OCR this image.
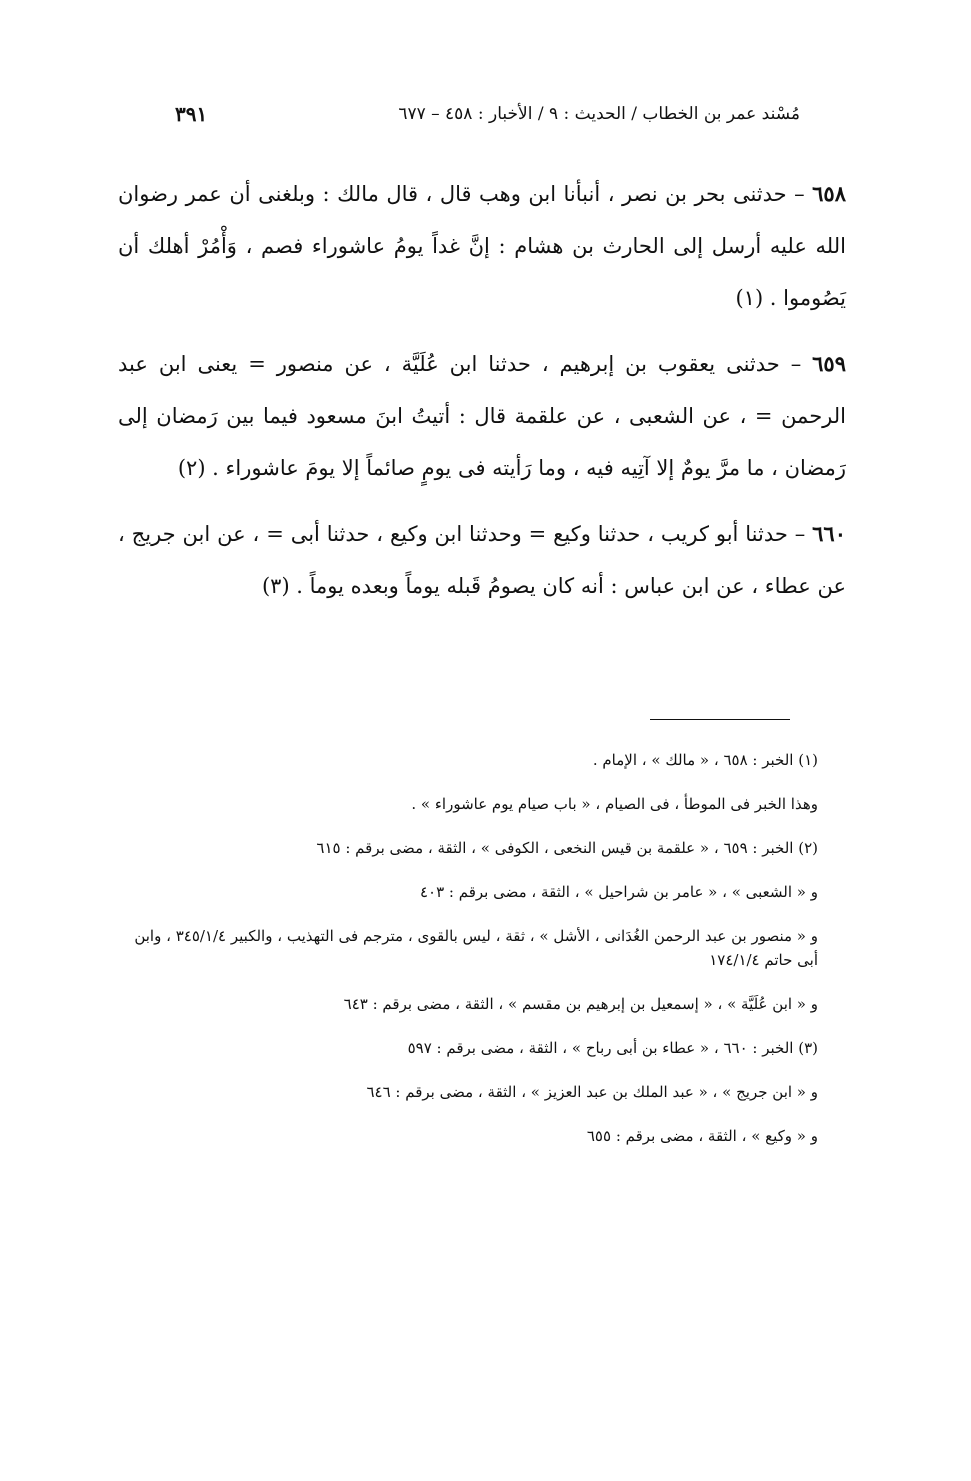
مُسْند عمر بن الخطاب / الحديث : ٩ / الأخبار : ٤٥٨ – ٦٧٧
٣٩١

٦٥٨ – حدثنى بحر بن نصر ، أنبأنا ابن وهب قال ، قال مالك : وبلغنى أن عمر رضوان الله عليه أرسل إلى الحارث بن هشام : إنَّ غداً يومُ عاشوراء فصم ، وَأْمُرْ أهلك أن يَصُوموا . (١)

٦٥٩ – حدثنى يعقوب بن إبرهيم ، حدثنا ابن عُلَيَّة ، عن منصور = يعنى ابن عبد الرحمن = ، عن الشعبى ، عن علقمة قال : أتيتُ ابنَ مسعود فيما بين رَمضان إلى رَمضان ، ما مرَّ يومٌ إلا آتِيه فيه ، وما رَأيته فى يومٍ صائماً إلا يومَ عاشوراء . (٢)

٦٦٠ – حدثنا أبو كريب ، حدثنا وكيع = وحدثنا ابن وكيع ، حدثنا أبى = ، عن ابن جريج ، عن عطاء ، عن ابن عباس : أنه كان يصومُ قَبله يوماً وبعده يوماً . (٣)

(١) الخبر : ٦٥٨ ، « مالك » ، الإمام .
وهذا الخبر فى الموطأ ، فى الصيام ، « باب صيام يوم عاشوراء » .
(٢) الخبر : ٦٥٩ ، « علقمة بن قيس النخعى ، الكوفى » ، الثقة ، مضى برقم : ٦١٥
و « الشعبى » ، « عامر بن شراحيل » ، الثقة ، مضى برقم : ٤٠٣
و « منصور بن عبد الرحمن الغُدَانى ، الأشل » ، ثقة ، ليس بالقوى ، مترجم فى التهذيب ، والكبير ٣٤٥/١/٤ ، وابن أبى حاتم ١٧٤/١/٤
و « ابن عُلَيَّة » ، « إسمعيل بن إبرهيم بن مقسم » ، الثقة ، مضى برقم : ٦٤٣
(٣) الخبر : ٦٦٠ ، « عطاء بن أبى رباح » ، الثقة ، مضى برقم : ٥٩٧
و « ابن جريج » ، « عبد الملك بن عبد العزيز » ، الثقة ، مضى برقم : ٦٤٦
و « وكيع » ، الثقة ، مضى برقم : ٦٥٥
